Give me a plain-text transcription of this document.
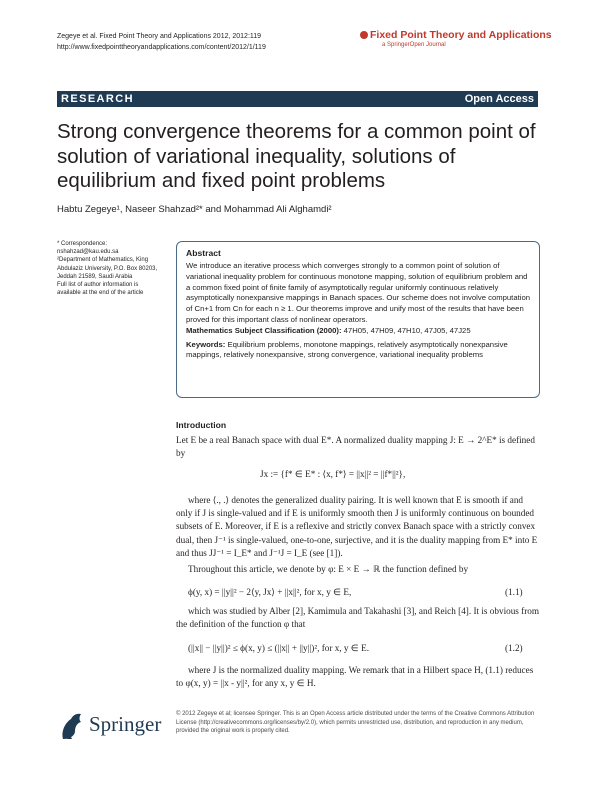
Zegeye et al. Fixed Point Theory and Applications 2012, 2012:119
http://www.fixedpointtheoryandapplications.com/content/2012/1/119
Fixed Point Theory and Applications
a SpringerOpen Journal
RESEARCH	Open Access
Strong convergence theorems for a common point of solution of variational inequality, solutions of equilibrium and fixed point problems
Habtu Zegeye¹, Naseer Shahzad²* and Mohammad Ali Alghamdi²
* Correspondence: nshahzad@kau.edu.sa
²Department of Mathematics, King Abdulaziz University, P.O. Box 80203, Jeddah 21589, Saudi Arabia
Full list of author information is available at the end of the article
Abstract

We introduce an iterative process which converges strongly to a common point of solution of variational inequality problem for continuous monotone mapping, solution of equilibrium problem and a common fixed point of finite family of asymptotically regular uniformly continuous relatively asymptotically nonexpansive mappings in Banach spaces. Our scheme does not involve computation of Cn+1 from Cn for each n ≥ 1. Our theorems improve and unify most of the results that have been proved for this important class of nonlinear operators.

Mathematics Subject Classification (2000): 47H05, 47H09, 47H10, 47J05, 47J25

Keywords: Equilibrium problems, monotone mappings, relatively asymptotically nonexpansive mappings, relatively nonexpansive, strong convergence, variational inequality problems

Introduction
Let E be a real Banach space with dual E*. A normalized duality mapping J: E → 2^E* is defined by
Jx := {f* ∈ E* : ⟨x, f*⟩ = ||x||² = ||f*||²},
where ⟨., .⟩ denotes the generalized duality pairing. It is well known that E is smooth if and only if J is single-valued and if E is uniformly smooth then J is uniformly continuous on bounded subsets of E. Moreover, if E is a reflexive and strictly convex Banach space with a strictly convex dual, then J⁻¹ is single-valued, one-to-one, surjective, and it is the duality mapping from E* into E and thus JJ⁻¹ = I_E* and J⁻¹J = I_E (see [1]).
Throughout this article, we denote by φ: E × E → ℝ the function defined by
ϕ(y, x) = ||y||² − 2⟨y, Jx⟩ + ||x||², for x, y ∈ E,	(1.1)
which was studied by Alber [2], Kamimula and Takahashi [3], and Reich [4]. It is obvious from the definition of the function φ that
(||x|| − ||y||)² ≤ ϕ(x, y) ≤ (||x|| + ||y||)², for x, y ∈ E.	(1.2)
where J is the normalized duality mapping. We remark that in a Hilbert space H, (1.1) reduces to φ(x, y) = ||x - y||², for any x, y ∈ H.
Springer © 2012 Zegeye et al; licensee Springer. This is an Open Access article distributed under the terms of the Creative Commons Attribution License (http://creativecommons.org/licenses/by/2.0), which permits unrestricted use, distribution, and reproduction in any medium, provided the original work is properly cited.
